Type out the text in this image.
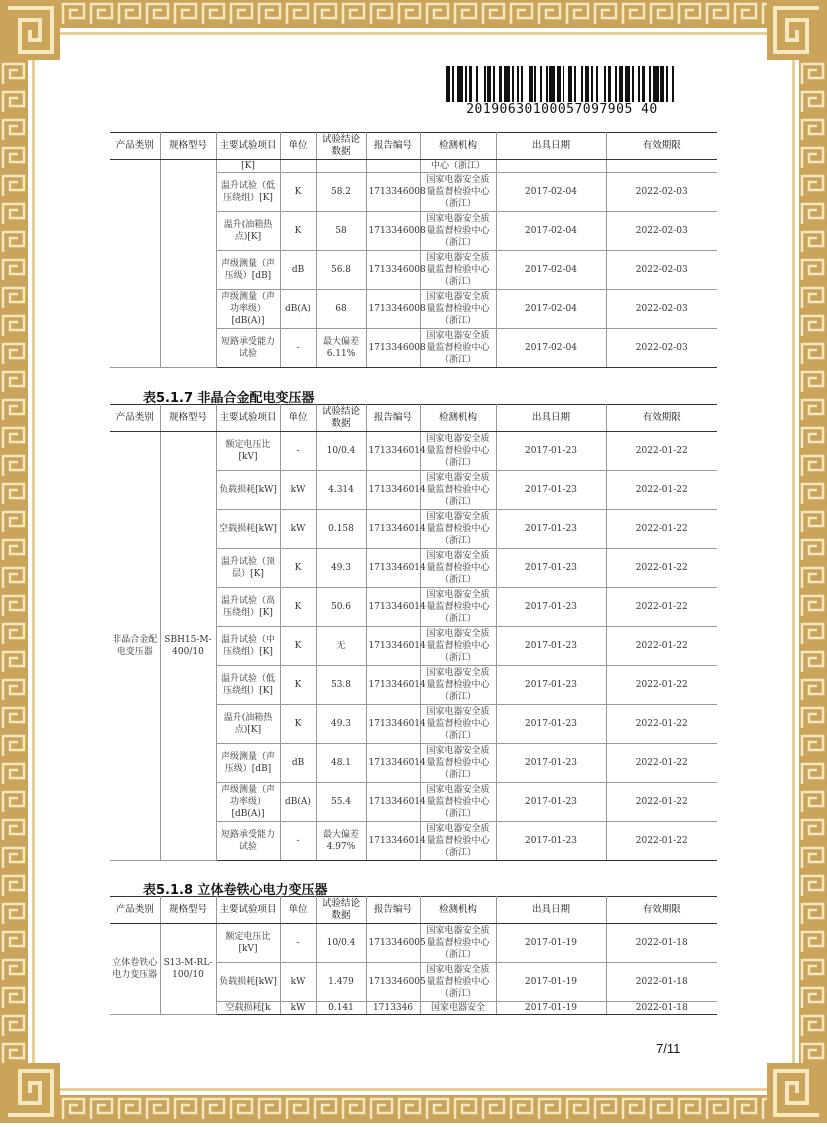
20190630100057097905 40
产品类别	规格型号	主要试验项目	单位	试验结论数据	报告编号	检测机构	出具日期	有效期限
		[K]				中心（浙江）		
		温升试验（低压绕组）[K]	K	58.2	1713346008	国家电器安全质量监督检验中心（浙江）	2017-02-04	2022-02-03
		温升(油箱热点)[K]	K	58	1713346008	国家电器安全质量监督检验中心（浙江）	2017-02-04	2022-02-03
		声级测量（声压级）[dB]	dB	56.8	1713346008	国家电器安全质量监督检验中心（浙江）	2017-02-04	2022-02-03
		声级测量（声功率级）[dB(A)]	dB(A)	68	1713346008	国家电器安全质量监督检验中心（浙江）	2017-02-04	2022-02-03
		短路承受能力试验	-	最大偏差6.11%	1713346008	国家电器安全质量监督检验中心（浙江）	2017-02-04	2022-02-03
表5.1.7 非晶合金配电变压器
产品类别	规格型号	主要试验项目	单位	试验结论数据	报告编号	检测机构	出具日期	有效期限
非晶合金配电变压器	SBH15-M-400/10	额定电压比[kV]	-	10/0.4	1713346014	国家电器安全质量监督检验中心（浙江）	2017-01-23	2022-01-22
		负载损耗[kW]	kW	4.314	1713346014	国家电器安全质量监督检验中心（浙江）	2017-01-23	2022-01-22
		空载损耗[kW]	kW	0.158	1713346014	国家电器安全质量监督检验中心（浙江）	2017-01-23	2022-01-22
		温升试验（顶层）[K]	K	49.3	1713346014	国家电器安全质量监督检验中心（浙江）	2017-01-23	2022-01-22
		温升试验（高压绕组）[K]	K	50.6	1713346014	国家电器安全质量监督检验中心（浙江）	2017-01-23	2022-01-22
		温升试验（中压绕组）[K]	K	无	1713346014	国家电器安全质量监督检验中心（浙江）	2017-01-23	2022-01-22
		温升试验（低压绕组）[K]	K	53.8	1713346014	国家电器安全质量监督检验中心（浙江）	2017-01-23	2022-01-22
		温升(油箱热点)[K]	K	49.3	1713346014	国家电器安全质量监督检验中心（浙江）	2017-01-23	2022-01-22
		声级测量（声压级）[dB]	dB	48.1	1713346014	国家电器安全质量监督检验中心（浙江）	2017-01-23	2022-01-22
		声级测量（声功率级）[dB(A)]	dB(A)	55.4	1713346014	国家电器安全质量监督检验中心（浙江）	2017-01-23	2022-01-22
		短路承受能力试验	-	最大偏差4.97%	1713346014	国家电器安全质量监督检验中心（浙江）	2017-01-23	2022-01-22
表5.1.8 立体卷铁心电力变压器
产品类别	规格型号	主要试验项目	单位	试验结论数据	报告编号	检测机构	出具日期	有效期限
立体卷铁心电力变压器	S13-M-RL-100/10	额定电压比[kV]	-	10/0.4	1713346005	国家电器安全质量监督检验中心（浙江）	2017-01-19	2022-01-18
		负载损耗[kW]	kW	1.479	1713346005	国家电器安全质量监督检验中心（浙江）	2017-01-19	2022-01-18
		空载损耗[k	kW	0.141	1713346	国家电器安全	2017-01-19	2022-01-18
7/11
